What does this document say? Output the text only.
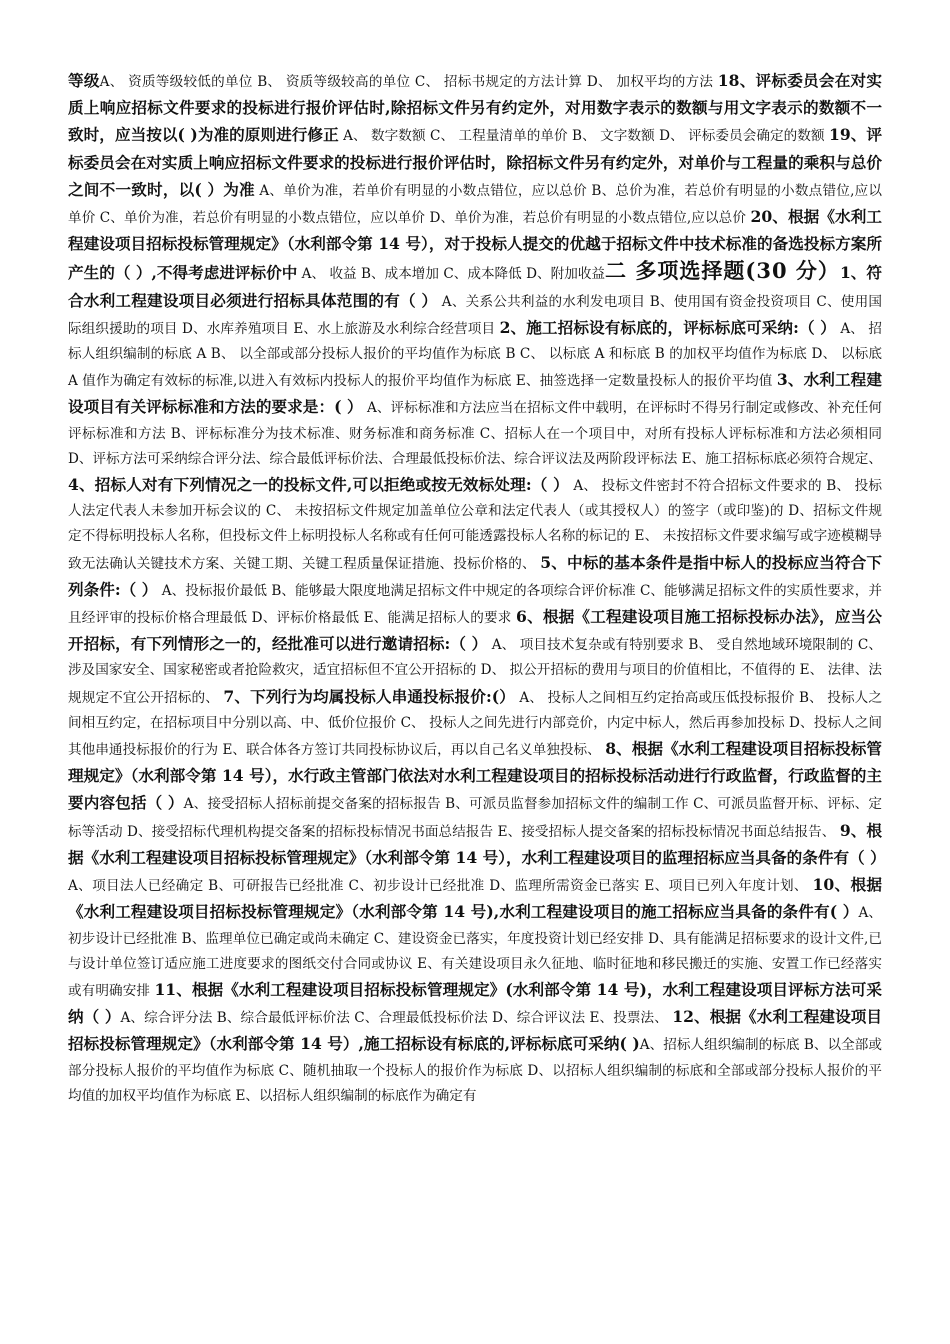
等级A、 资质等级较低的单位 B、 资质等级较高的单位 C、 招标书规定的方法计算 D、 加权平均的方法 18、评标委员会在对实质上响应招标文件要求的投标进行报价评估时,除招标文件另有约定外，对用数字表示的数额与用文字表示的数额不一致时，应当按以( )为准的原则进行修正 A、 数字数额 C、 工程量清单的单价 B、 文字数额 D、 评标委员会确定的数额 19、评标委员会在对实质上响应招标文件要求的投标进行报价评估时，除招标文件另有约定外，对单价与工程量的乘积与总价之间不一致时，以( ）为准 A、单价为准，若单价有明显的小数点错位，应以总价 B、总价为准，若总价有明显的小数点错位,应以单价 C、单价为准，若总价有明显的小数点错位，应以单价 D、单价为准，若总价有明显的小数点错位,应以总价 20、根据《水利工程建设项目招标投标管理规定》（水利部令第 14 号），对于投标人提交的优越于招标文件中技术标准的备选投标方案所产生的（ ）,不得考虑进评标价中 A、 收益 B、成本增加 C、成本降低 D、附加收益二 多项选择题(30 分）1、符合水利工程建设项目必须进行招标具体范围的有（ ） A、关系公共利益的水利发电项目 B、使用国有资金投资项目 C、使用国际组织援助的项目 D、水库养殖项目 E、水上旅游及水利综合经营项目 2、施工招标设有标底的，评标标底可采纳:（ ） A、 招标人组织编制的标底 A B、 以全部或部分投标人报价的平均值作为标底 B C、 以标底 A 和标底 B 的加权平均值作为标底 D、 以标底 A 值作为确定有效标的标准,以进入有效标内投标人的报价平均值作为标底 E、抽签选择一定数量投标人的报价平均值 3、水利工程建设项目有关评标标准和方法的要求是：( ） A、评标标准和方法应当在招标文件中载明，在评标时不得另行制定或修改、补充任何评标标准和方法 B、评标标准分为技术标准、财务标准和商务标准 C、招标人在一个项目中，对所有投标人评标标准和方法必须相同 D、评标方法可采纳综合评分法、综合最低评标价法、合理最低投标价法、综合评议法及两阶段评标法 E、施工招标标底必须符合规定、 4、招标人对有下列情况之一的投标文件,可以拒绝或按无效标处理:（ ） A、 投标文件密封不符合招标文件要求的 B、 投标人法定代表人未参加开标会议的 C、 未按招标文件规定加盖单位公章和法定代表人（或其授权人）的签字（或印鉴)的 D、招标文件规定不得标明投标人名称，但投标文件上标明投标人名称或有任何可能透露投标人名称的标记的 E、 未按招标文件要求编写或字迹模糊导致无法确认关键技术方案、关键工期、关键工程质量保证措施、投标价格的、 5、中标的基本条件是指中标人的投标应当符合下列条件:（ ） A、投标报价最低 B、能够最大限度地满足招标文件中规定的各项综合评价标准 C、能够满足招标文件的实质性要求，并且经评审的投标价格合理最低 D、评标价格最低 E、能满足招标人的要求 6、根据《工程建设项目施工招标投标办法》，应当公开招标，有下列情形之一的，经批准可以进行邀请招标:（ ） A、 项目技术复杂或有特别要求 B、 受自然地域环境限制的 C、 涉及国家安全、国家秘密或者抢险救灾，适宜招标但不宜公开招标的 D、 拟公开招标的费用与项目的价值相比，不值得的 E、 法律、法规规定不宜公开招标的、 7、下列行为均属投标人串通投标报价:(） A、 投标人之间相互约定抬高或压低投标报价 B、 投标人之间相互约定，在招标项目中分别以高、中、低价位报价 C、 投标人之间先进行内部竞价，内定中标人，然后再参加投标 D、投标人之间其他串通投标报价的行为 E、联合体各方签订共同投标协议后，再以自己名义单独投标、 8、根据《水利工程建设项目招标投标管理规定》（水利部令第 14 号），水行政主管部门依法对水利工程建设项目的招标投标活动进行行政监督，行政监督的主要内容包括（ ）A、接受招标人招标前提交备案的招标报告 B、可派员监督参加招标文件的编制工作 C、可派员监督开标、评标、定标等活动 D、接受招标代理机构提交备案的招标投标情况书面总结报告 E、接受招标人提交备案的招标投标情况书面总结报告、 9、根据《水利工程建设项目招标投标管理规定》（水利部令第 14 号），水利工程建设项目的监理招标应当具备的条件有（ ）A、项目法人已经确定 B、可研报告已经批准 C、初步设计已经批准 D、监理所需资金已落实 E、项目已列入年度计划、 10、根据《水利工程建设项目招标投标管理规定》（水利部令第 14 号),水利工程建设项目的施工招标应当具备的条件有( ）A、初步设计已经批准 B、监理单位已确定或尚未确定 C、建设资金已落实，年度投资计划已经安排 D、具有能满足招标要求的设计文件,已与设计单位签订适应施工进度要求的图纸交付合同或协议 E、有关建设项目永久征地、临时征地和移民搬迁的实施、安置工作已经落实或有明确安排 11、根据《水利工程建设项目招标投标管理规定》(水利部令第 14 号)，水利工程建设项目评标方法可采纳（ ）A、综合评分法 B、综合最低评标价法 C、合理最低投标价法 D、综合评议法 E、投票法、 12、根据《水利工程建设项目招标投标管理规定》（水利部令第 14 号）,施工招标设有标底的,评标标底可采纳( )A、招标人组织编制的标底 B、以全部或部分投标人报价的平均值作为标底 C、随机抽取一个投标人的报价作为标底 D、以招标人组织编制的标底和全部或部分投标人报价的平均值的加权平均值作为标底 E、以招标人组织编制的标底作为确定有
